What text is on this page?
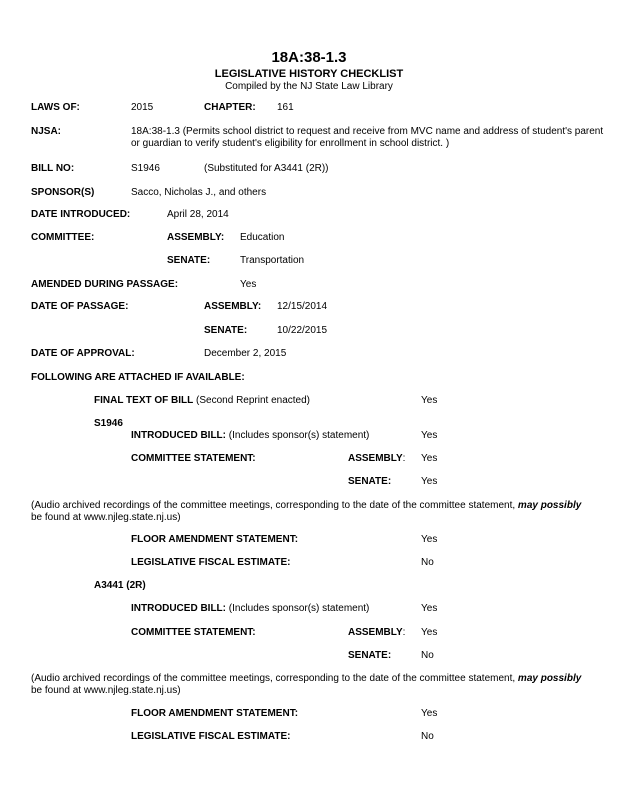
18A:38-1.3
LEGISLATIVE HISTORY CHECKLIST
Compiled by the NJ State Law Library
LAWS OF:	2015	CHAPTER: 161
NJSA:	18A:38-1.3 (Permits school district to request and receive from MVC name and address of student's parent
or guardian to verify student's eligibility for enrollment in school district. )
BILL NO:	S1946	(Substituted for A3441 (2R))
SPONSOR(S)	Sacco, Nicholas J., and others
DATE INTRODUCED:	April 28, 2014
COMMITTEE:	ASSEMBLY: Education
SENATE:	Transportation
AMENDED DURING PASSAGE:	Yes
DATE OF PASSAGE:	ASSEMBLY: 12/15/2014
SENATE:	10/22/2015
DATE OF APPROVAL:	December 2, 2015
FOLLOWING ARE ATTACHED IF AVAILABLE:
FINAL TEXT OF BILL (Second Reprint enacted)	Yes
S1946
INTRODUCED BILL: (Includes sponsor(s) statement)	Yes
COMMITTEE STATEMENT:	ASSEMBLY: Yes
SENATE:	Yes
(Audio archived recordings of the committee meetings, corresponding to the date of the committee statement, may possibly
be found at www.njleg.state.nj.us)
FLOOR AMENDMENT STATEMENT:	Yes
LEGISLATIVE FISCAL ESTIMATE:	No
A3441 (2R)
INTRODUCED BILL: (Includes sponsor(s) statement)	Yes
COMMITTEE STATEMENT:	ASSEMBLY: Yes
SENATE:	No
(Audio archived recordings of the committee meetings, corresponding to the date of the committee statement, may possibly
be found at www.njleg.state.nj.us)
FLOOR AMENDMENT STATEMENT:	Yes
LEGISLATIVE FISCAL ESTIMATE:	No
